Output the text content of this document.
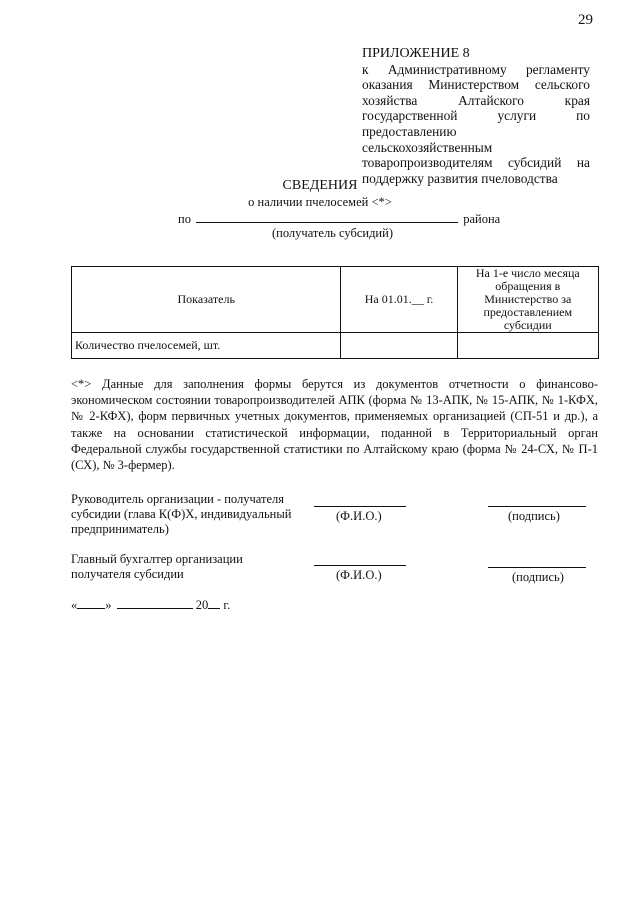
29
ПРИЛОЖЕНИЕ 8
к Административному регламенту оказания Министерством сельского хозяйства Алтайского края государственной услуги по предоставлению сельскохозяйственным товаропроизводителям субсидий на поддержку развития пчеловодства
СВЕДЕНИЯ
о наличии пчелосемей <*>
по	района
(получатель субсидий)
Показатель	На 01.01.__ г.	На 1-е число месяца обращения в Министерство за предоставлением субсидии
Количество пчелосемей, шт.		
<*> Данные для заполнения формы берутся из документов отчетности о финансово-экономическом состоянии товаропроизводителей АПК (форма № 13-АПК, № 15-АПК, № 1-КФХ, № 2-КФХ), форм первичных учетных документов, применяемых организацией (СП-51 и др.), а также на основании статистической информации, поданной в Территориальный орган Федеральной службы государственной статистики по Алтайскому краю (форма № 24-СХ, № П-1 (СХ), № 3-фермер).
Руководитель организации - получателя субсидии (глава К(Ф)Х, индивидуальный предприниматель)
(Ф.И.О.)	(подпись)
Главный бухгалтер организации получателя субсидии	(Ф.И.О.)	(подпись)
« »	20 г.
